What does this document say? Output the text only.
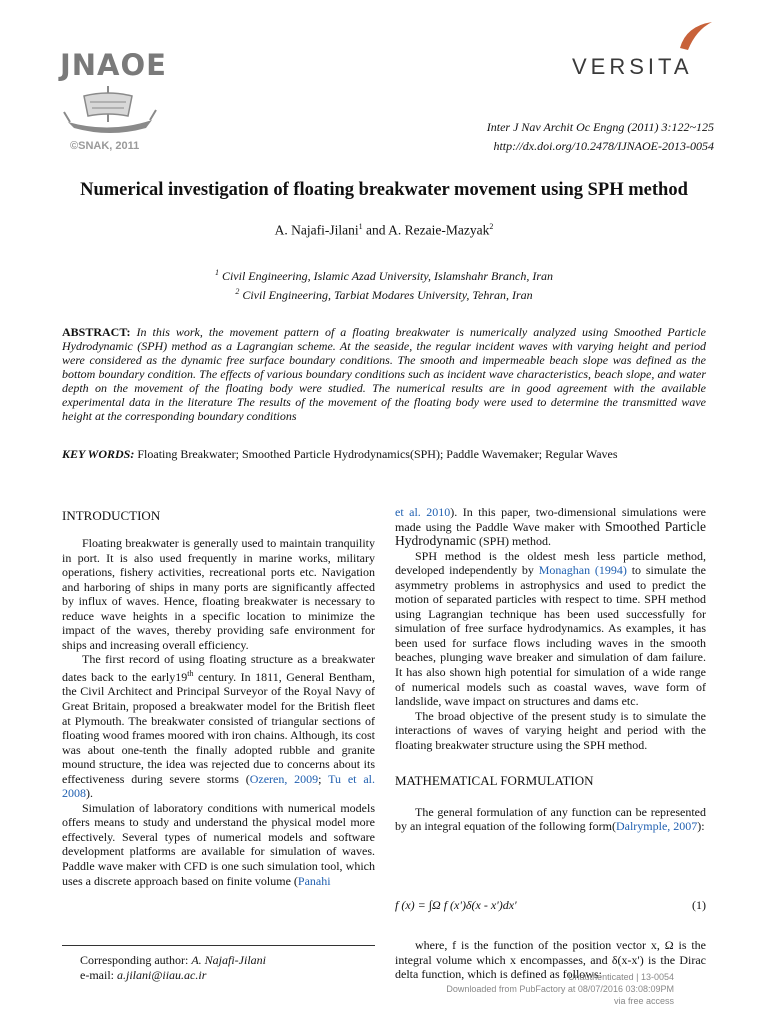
JNAOE
©SNAK, 2011
VERSITA
Inter J Nav Archit Oc Engng (2011) 3:122~125
http://dx.doi.org/10.2478/IJNAOE-2013-0054
Numerical investigation of floating breakwater movement using SPH method
A. Najafi-Jilani$^1$ and A. Rezaie-Mazyak$^2$
$^1$ Civil Engineering, Islamic Azad University, Islamshahr Branch, Iran
$^2$ Civil Engineering, Tarbiat Modares University, Tehran, Iran
ABSTRACT: In this work, the movement pattern of a floating breakwater is numerically analyzed using Smoothed Particle Hydrodynamic (SPH) method as a Lagrangian scheme. At the seaside, the regular incident waves with varying height and period were considered as the dynamic free surface boundary conditions. The smooth and impermeable beach slope was defined as the bottom boundary condition. The effects of various boundary conditions such as incident wave characteristics, beach slope, and water depth on the movement of the floating body were studied. The numerical results are in good agreement with the available experimental data in the literature The results of the movement of the floating body were used to determine the transmitted wave height at the corresponding boundary conditions
KEY WORDS: Floating Breakwater; Smoothed Particle Hydrodynamics(SPH); Paddle Wavemaker; Regular Waves
INTRODUCTION

Floating breakwater is generally used to maintain tranquility in port. It is also used frequently in marine works, military operations, fishery activities, recreational ports etc. Navigation and harboring of ships in many ports are significantly affected by influx of waves. Hence, floating breakwater is necessary to reduce wave heights in a specific location to minimize the impact of the waves, thereby providing safe environment for ships and increasing overall efficiency.

The first record of using floating structure as a breakwater dates back to the early19th century. In 1811, General Bentham, the Civil Architect and Principal Surveyor of the Royal Navy of Great Britain, proposed a breakwater model for the British fleet at Plymouth. The breakwater consisted of triangular sections of floating wood frames moored with iron chains. Although, its cost was about one-tenth the finally adopted rubble and granite mound structure, the idea was rejected due to concerns about its effectiveness during severe storms (Ozeren, 2009; Tu et al. 2008).

Simulation of laboratory conditions with numerical models offers means to study and understand the physical model more effectively. Several types of numerical models and software development platforms are available for simulation of waves. Paddle wave maker with CFD is one such simulation tool, which uses a discrete approach based on finite volume (Panahi

Corresponding author: A. Najafi-Jilani
e-mail: a.jilani@iiau.ac.ir

et al. 2010). In this paper, two-dimensional simulations were made using the Paddle Wave maker with Smoothed Particle Hydrodynamic (SPH) method.

SPH method is the oldest mesh less particle method, developed independently by Monaghan (1994) to simulate the asymmetry problems in astrophysics and used to predict the motion of separated particles with respect to time. SPH method using Lagrangian technique has been used successfully for simulation of free surface hydrodynamics. As examples, it has been used for surface flows including waves in the smooth beaches, plunging wave breaker and simulation of dam failure. It has also shown high potential for simulation of a wide range of numerical models such as coastal waves, wave form of landslide, wave impact on structures and dams etc.

The broad objective of the present study is to simulate the interactions of waves of varying height and period with the floating breakwater structure using the SPH method.

MATHEMATICAL FORMULATION

The general formulation of any function can be represented by an integral equation of the following form(Dalrymple, 2007):

f (x) = ∫Ω f (x')δ(x - x')dx'	(1)
where, f is the function of the position vector x, Ω is the integral volume which x encompasses, and δ(x-x') is the Dirac delta function, which is defined as follows:
Unauthenticated | 13-0054
Downloaded from PubFactory at 08/07/2016 03:08:09PM
via free access
